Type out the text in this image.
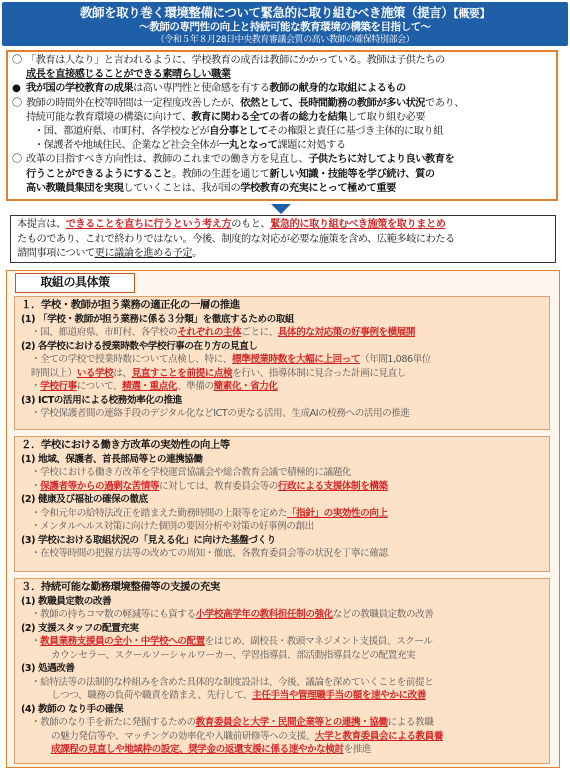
教師を取り巻く環境整備について緊急的に取り組むべき施策（提言）【概要】
～教師の専門性の向上と持続可能な教育環境の構築を目指して～
（令和５年８月28日中央教育審議会質の高い教師の確保特別部会）
〇 「教育は人なり」と言われるように、学校教育の成否は教師にかかっている。教師は子供たちの
成長を直接感じることができる素晴らしい職業
● 我が国の学校教育の成果は高い専門性と使命感を有する教師の献身的な取組によるもの
〇 教師の時間外在校等時間は一定程度改善したが、依然として、長時間勤務の教師が多い状況であり、
持続可能な教育環境の構築に向けて、教育に関わる全ての者の総力を結集して取り組む必要
・国、都道府県、市町村、各学校などが自分事としてその権限と責任に基づき主体的に取り組
・保護者や地域住民、企業など社会全体が一丸となって課題に対処する
〇 改革の目指すべき方向性は、教師のこれまでの働き方を見直し、子供たちに対してより良い教育を
行うことができるようにすること。教師の生涯を通じて新しい知識・技能等を学び続け、質の
高い教職員集団を実現していくことは、我が国の学校教育の充実にとって極めて重要
本提言は、できることを直ちに行うという考え方のもと、緊急的に取り組むべき施策を取りまとめ
たものであり、これで終わりではない。今後、制度的な対応が必要な施策を含め、広範多岐にわたる
諮問事項について更に議論を進める予定。
取組の具体策
１．学校・教師が担う業務の適正化の一層の推進
(1) 「学校・教師が担う業務に係る３分類」を徹底するための取組
・国、都道府県、市町村、各学校のそれぞれの主体ごとに、具体的な対応策の好事例を横展開
(2) 各学校における授業時数や学校行事の在り方の見直し
・全ての学校で授業時数について点検し、特に、標準授業時数を大幅に上回って（年間1,086単位
時間以上）いる学校は、見直すことを前提に点検を行い、指導体制に見合った計画に見直し
・学校行事について、精選・重点化、準備の簡素化・省力化
(3) ICTの活用による校務効率化の推進
・学校保護者間の連絡手段のデジタル化などICTの更なる活用、生成AIの校務への活用の推進
２．学校における働き方改革の実効性の向上等
(1) 地域、保護者、首長部局等との連携協働
・学校における働き方改革を学校運営協議会や総合教育会議で積極的に議題化
・保護者等からの過剰な苦情等に対しては、教育委員会等の行政による支援体制を構築
(2) 健康及び福祉の確保の徹底
・令和元年の給特法改正を踏まえた勤務時間の上限等を定めた「指針」の実効性の向上
・メンタルヘルス対策に向けた個別の要因分析や対策の好事例の創出
(3) 学校における取組状況の「見える化」に向けた基盤づくり
・在校等時間の把握方法等の改めての周知・徹底、各教育委員会等の状況を丁寧に確認
３．持続可能な勤務環境整備等の支援の充実
(1) 教職員定数の改善
・教師の持ちコマ数の軽減等にも資する小学校高学年の教科担任制の強化などの教職員定数の改善
(2) 支援スタッフの配置充実
・教員業務支援員の全小・中学校への配置をはじめ、副校長・教頭マネジメント支援員、スクール
カウンセラー、スクールソーシャルワーカー、学習指導員、部活動指導員などの配置充実
(3) 処遇改善
・給特法等の法制的な枠組みを含めた具体的な制度設計は、今後、議論を深めていくことを前提と
しつつ、職務の負荷や職責を踏まえ、先行して、主任手当や管理職手当の額を速やかに改善
(4) 教師の なり手の確保
・教師のなり手を新たに発掘するための教育委員会と大学・民間企業等との連携・協働による教職
の魅力発信等や、マッチングの効率化や入職前研修等への支援、大学と教育委員会による教員養
成課程の見直しや地域枠の設定、奨学金の返還支援に係る速やかな検討を推進
